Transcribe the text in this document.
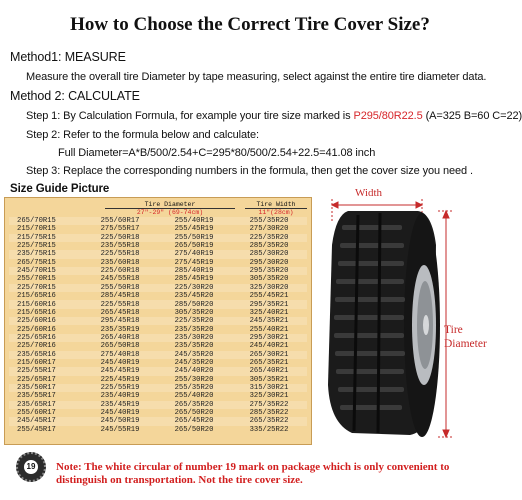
How to Choose the Correct Tire Cover Size?
Method1: MEASURE
Measure the overall tire Diameter by tape measuring, select against the entire tire diameter data.
Method 2: CALCULATE
Step 1: By Calculation Formula, for example your tire size marked is P295/80R22.5 (A=325 B=60 C=22)
Step 2: Refer to the formula below and calculate:
Full Diameter=A*B/500/2.54+C=295*80/500/2.54+22.5=41.08 inch
Step 3: Replace the corresponding numbers in the formula, then get the cover size you need .
Size Guide Picture
Tire Diameter	Tire Width
27"-29" (69-74cm)	11"(28cm)
265/70R15	255/60R17	255/40R19	255/35R20
215/70R15	275/55R17	255/45R19	275/30R20
215/75R15	225/50R18	255/50R19	225/35R20
225/75R15	235/55R18	265/50R19	285/35R20
235/75R15	225/55R18	275/40R19	285/30R20
265/75R15	235/60R18	275/45R19	295/30R20
245/70R15	225/60R18	285/40R19	295/35R20
255/70R15	245/55R18	285/45R19	305/35R20
225/70R15	255/50R18	225/30R20	325/30R20
215/65R16	285/45R18	235/45R20	255/45R21
215/60R16	225/55R18	285/50R20	295/35R21
215/65R16	265/45R18	305/35R20	325/40R21
225/60R16	295/45R18	225/35R20	245/35R21
225/60R16	235/35R19	235/35R20	255/40R21
225/65R16	265/40R18	235/30R20	295/30R21
225/70R16	265/50R18	235/35R20	245/40R21
235/65R16	275/40R18	245/35R20	265/30R21
215/60R17	245/40R19	245/35R20	265/35R21
225/55R17	245/45R19	245/40R20	265/40R21
225/65R17	225/45R19	255/30R20	305/35R21
235/50R17	225/55R19	255/35R20	315/30R21
235/55R17	235/40R19	255/40R20	325/30R21
235/65R17	235/45R19	265/35R20	275/35R22
255/60R17	245/40R19	265/50R20	285/35R22
245/45R17	245/50R19	265/45R20	265/35R22
255/45R17	245/55R19	265/50R20	335/25R22
Width
Tire
Diameter
19 Note: The white circular of number 19 mark on package which is only convenient to distinguish on transportation. Not the tire cover size.
